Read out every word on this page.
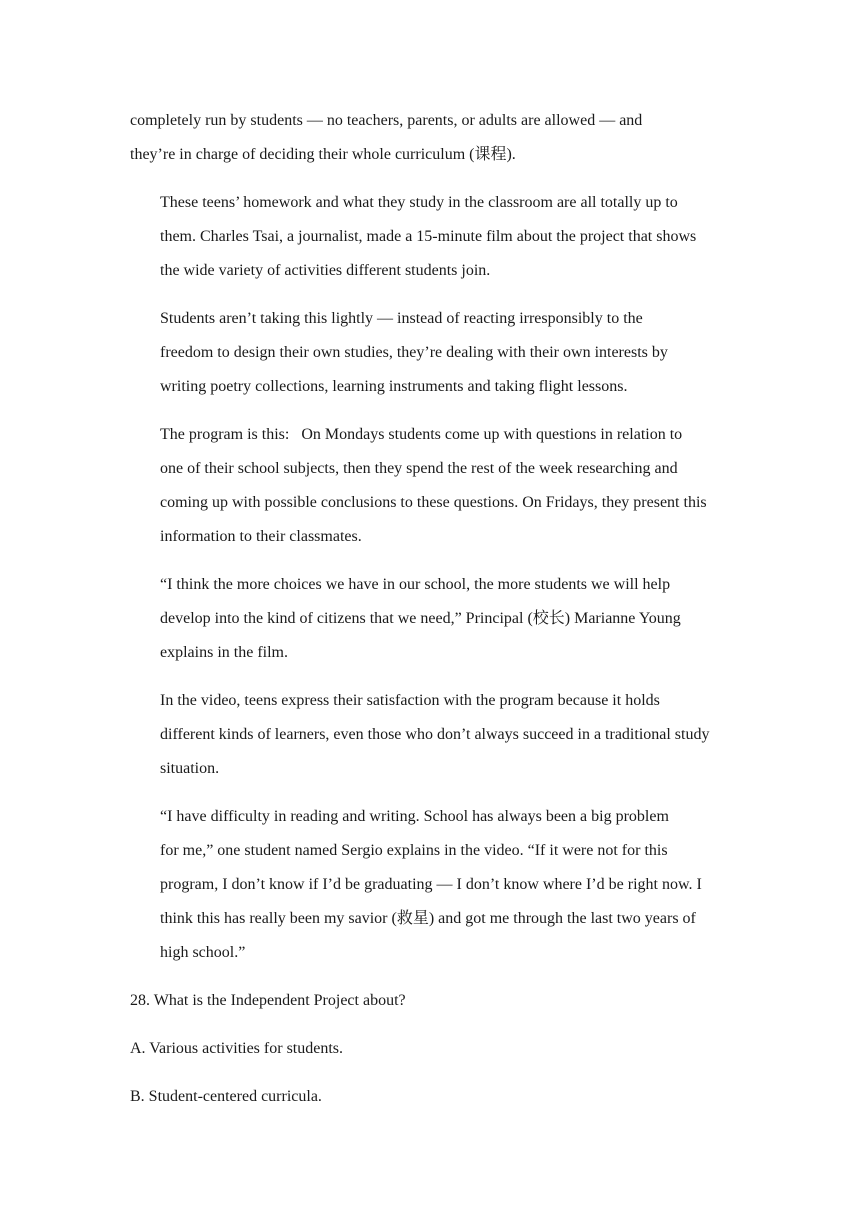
completely run by students — no teachers, parents, or adults are allowed — and
they’re in charge of deciding their whole curriculum (课程).

These teens’ homework and what they study in the classroom are all totally up to
them. Charles Tsai, a journalist, made a 15-minute film about the project that shows
the wide variety of activities different students join.

Students aren’t taking this lightly — instead of reacting irresponsibly to the
freedom to design their own studies, they’re dealing with their own interests by
writing poetry collections, learning instruments and taking flight lessons.

The program is this:   On Mondays students come up with questions in relation to
one of their school subjects, then they spend the rest of the week researching and
coming up with possible conclusions to these questions. On Fridays, they present this
information to their classmates.

“I think the more choices we have in our school, the more students we will help
develop into the kind of citizens that we need,” Principal (校长) Marianne Young
explains in the film.

In the video, teens express their satisfaction with the program because it holds
different kinds of learners, even those who don’t always succeed in a traditional study
situation.

“I have difficulty in reading and writing. School has always been a big problem
for me,” one student named Sergio explains in the video. “If it were not for this
program, I don’t know if I’d be graduating — I don’t know where I’d be right now. I
think this has really been my savior (救星) and got me through the last two years of
high school.”

28. What is the Independent Project about?
A. Various activities for students.
B. Student-centered curricula.
